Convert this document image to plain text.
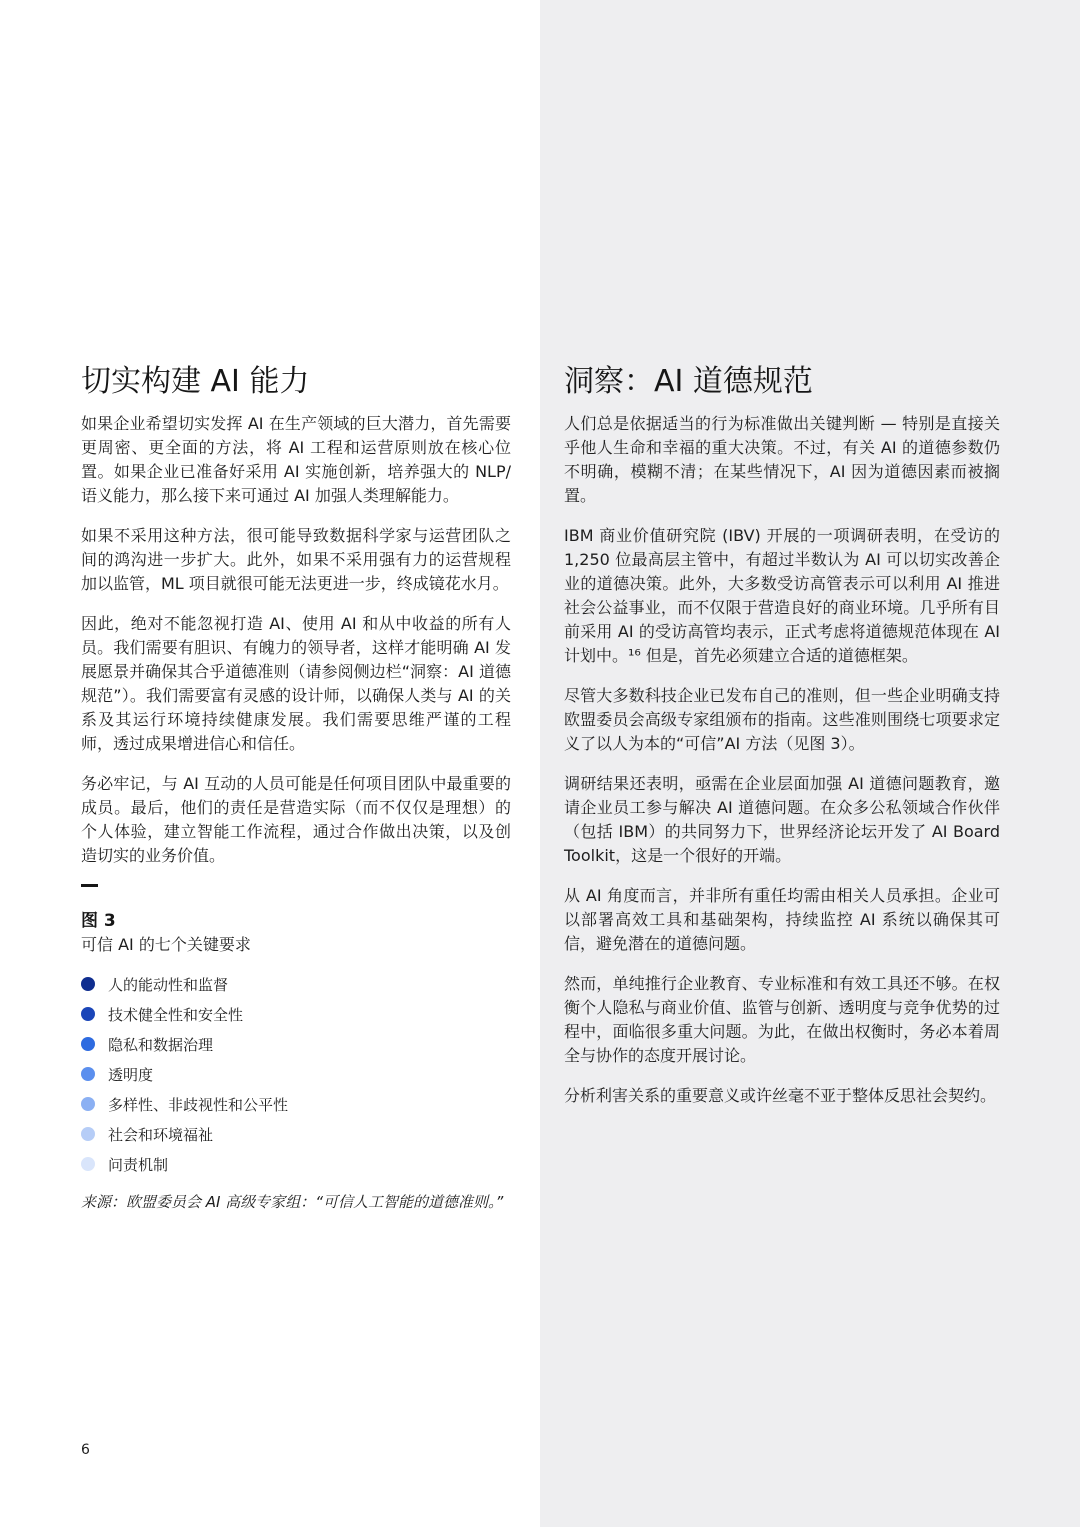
切实构建 AI 能力

如果企业希望切实发挥 AI 在生产领域的巨大潜力，首先需要更周密、更全面的方法，将 AI 工程和运营原则放在核心位置。如果企业已准备好采用 AI 实施创新，培养强大的 NLP/ 语义能力，那么接下来可通过 AI 加强人类理解能力。

如果不采用这种方法，很可能导致数据科学家与运营团队之间的鸿沟进一步扩大。此外，如果不采用强有力的运营规程加以监管，ML 项目就很可能无法更进一步，终成镜花水月。

因此，绝对不能忽视打造 AI、使用 AI 和从中收益的所有人员。我们需要有胆识、有魄力的领导者，这样才能明确 AI 发展愿景并确保其合乎道德准则（请参阅侧边栏“洞察：AI 道德规范”）。我们需要富有灵感的设计师，以确保人类与 AI 的关系及其运行环境持续健康发展。我们需要思维严谨的工程师，透过成果增进信心和信任。

务必牢记，与 AI 互动的人员可能是任何项目团队中最重要的成员。最后，他们的责任是营造实际（而不仅仅是理想）的个人体验，建立智能工作流程，通过合作做出决策，以及创造切实的业务价值。

图 3
可信 AI 的七个关键要求
人的能动性和监督
技术健全性和安全性
隐私和数据治理
透明度
多样性、非歧视性和公平性
社会和环境福祉
问责机制
来源：欧盟委员会 AI 高级专家组：“可信人工智能的道德准则。”
洞察：AI 道德规范

人们总是依据适当的行为标准做出关键判断 — 特别是直接关乎他人生命和幸福的重大决策。不过，有关 AI 的道德参数仍不明确，模糊不清；在某些情况下，AI 因为道德因素而被搁置。

IBM 商业价值研究院 (IBV) 开展的一项调研表明，在受访的 1,250 位最高层主管中，有超过半数认为 AI 可以切实改善企业的道德决策。此外，大多数受访高管表示可以利用 AI 推进社会公益事业，而不仅限于营造良好的商业环境。几乎所有目前采用 AI 的受访高管均表示，正式考虑将道德规范体现在 AI 计划中。¹⁶ 但是，首先必须建立合适的道德框架。

尽管大多数科技企业已发布自己的准则，但一些企业明确支持欧盟委员会高级专家组颁布的指南。这些准则围绕七项要求定义了以人为本的“可信”AI 方法（见图 3）。

调研结果还表明，亟需在企业层面加强 AI 道德问题教育，邀请企业员工参与解决 AI 道德问题。在众多公私领域合作伙伴（包括 IBM）的共同努力下，世界经济论坛开发了 AI Board Toolkit，这是一个很好的开端。

从 AI 角度而言，并非所有重任均需由相关人员承担。企业可以部署高效工具和基础架构，持续监控 AI 系统以确保其可信，避免潜在的道德问题。

然而，单纯推行企业教育、专业标准和有效工具还不够。在权衡个人隐私与商业价值、监管与创新、透明度与竞争优势的过程中，面临很多重大问题。为此，在做出权衡时，务必本着周全与协作的态度开展讨论。

分析利害关系的重要意义或许丝毫不亚于整体反思社会契约。

6
